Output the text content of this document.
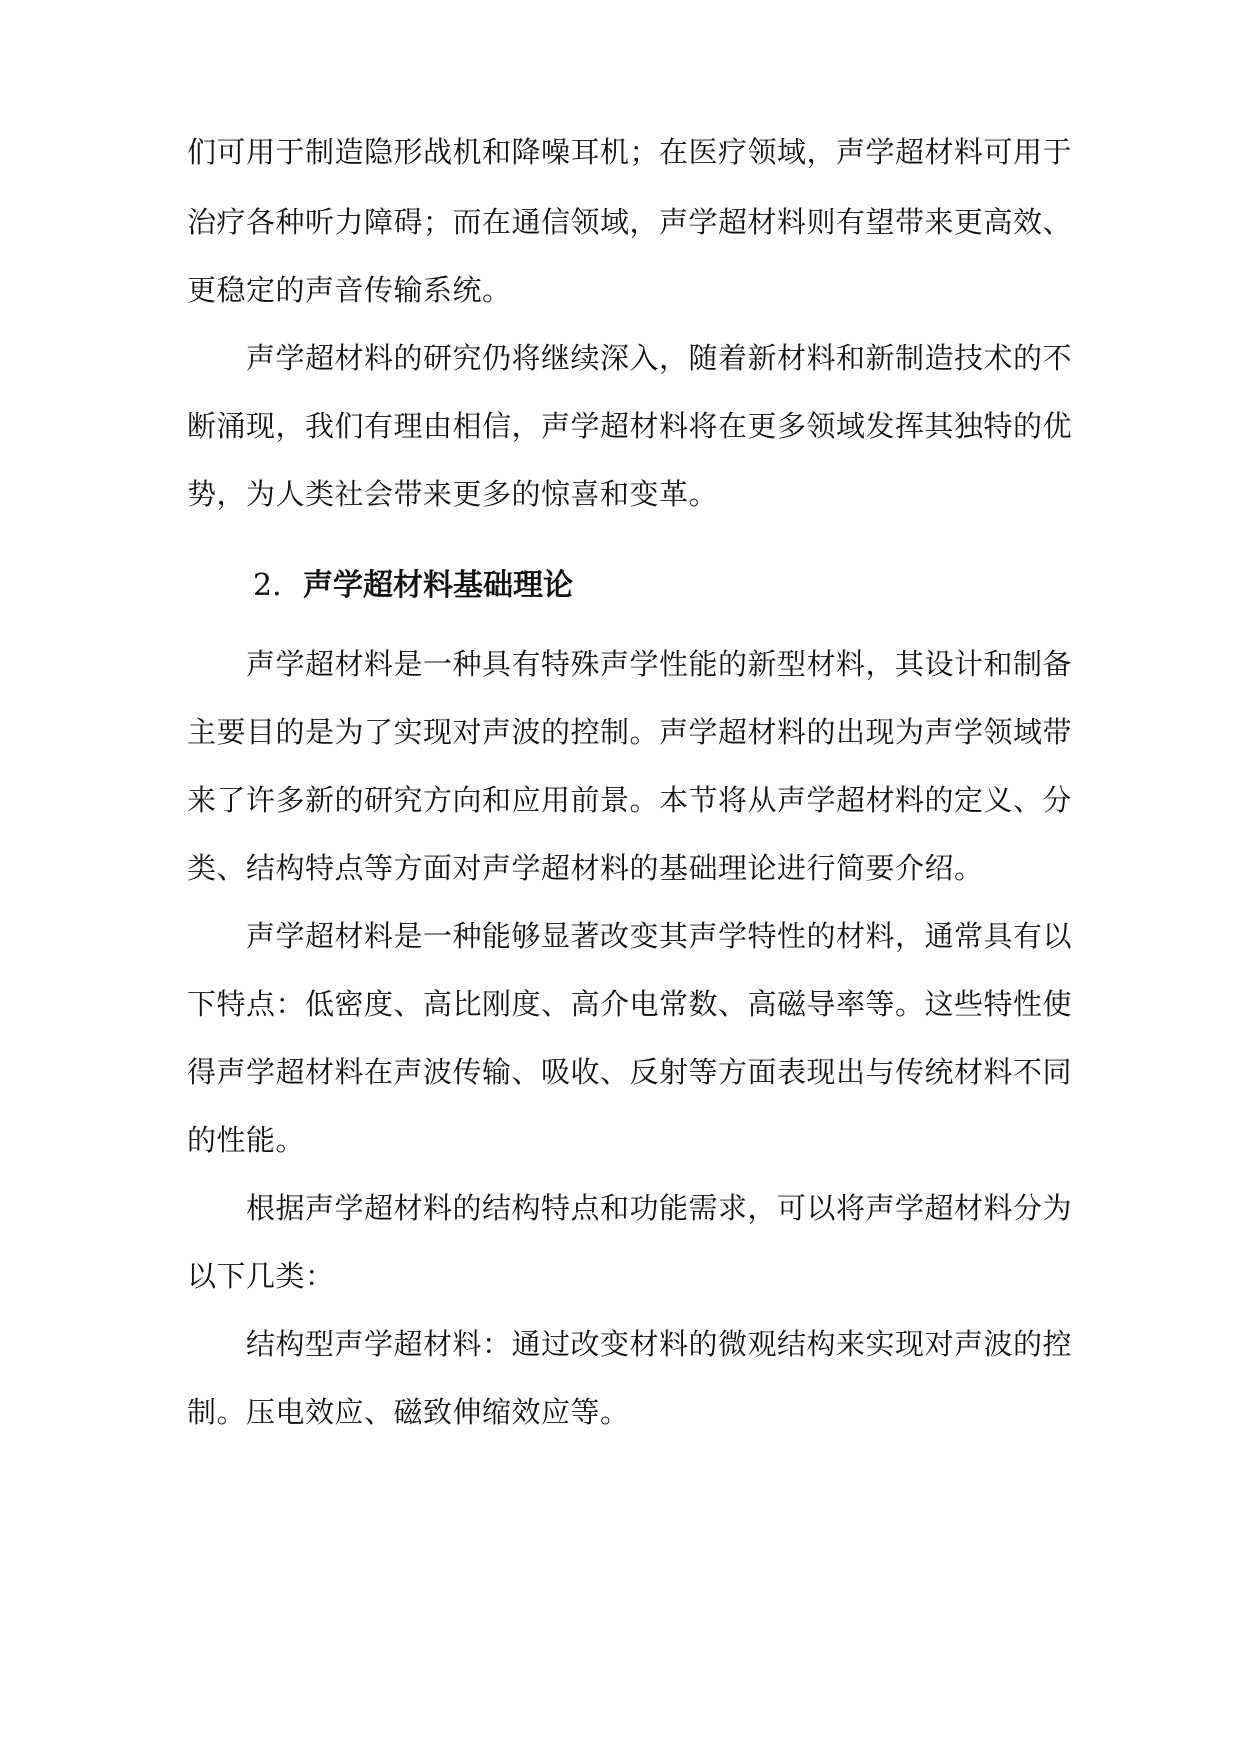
们可用于制造隐形战机和降噪耳机；在医疗领域，声学超材料可用于
治疗各种听力障碍；而在通信领域，声学超材料则有望带来更高效、
更稳定的声音传输系统。
声学超材料的研究仍将继续深入，随着新材料和新制造技术的不
断涌现，我们有理由相信，声学超材料将在更多领域发挥其独特的优
势，为人类社会带来更多的惊喜和变革。
2. 声学超材料基础理论
声学超材料是一种具有特殊声学性能的新型材料，其设计和制备
主要目的是为了实现对声波的控制。声学超材料的出现为声学领域带
来了许多新的研究方向和应用前景。本节将从声学超材料的定义、分
类、结构特点等方面对声学超材料的基础理论进行简要介绍。
声学超材料是一种能够显著改变其声学特性的材料，通常具有以
下特点：低密度、高比刚度、高介电常数、高磁导率等。这些特性使
得声学超材料在声波传输、吸收、反射等方面表现出与传统材料不同
的性能。
根据声学超材料的结构特点和功能需求，可以将声学超材料分为
以下几类：
结构型声学超材料：通过改变材料的微观结构来实现对声波的控
制。压电效应、磁致伸缩效应等。
